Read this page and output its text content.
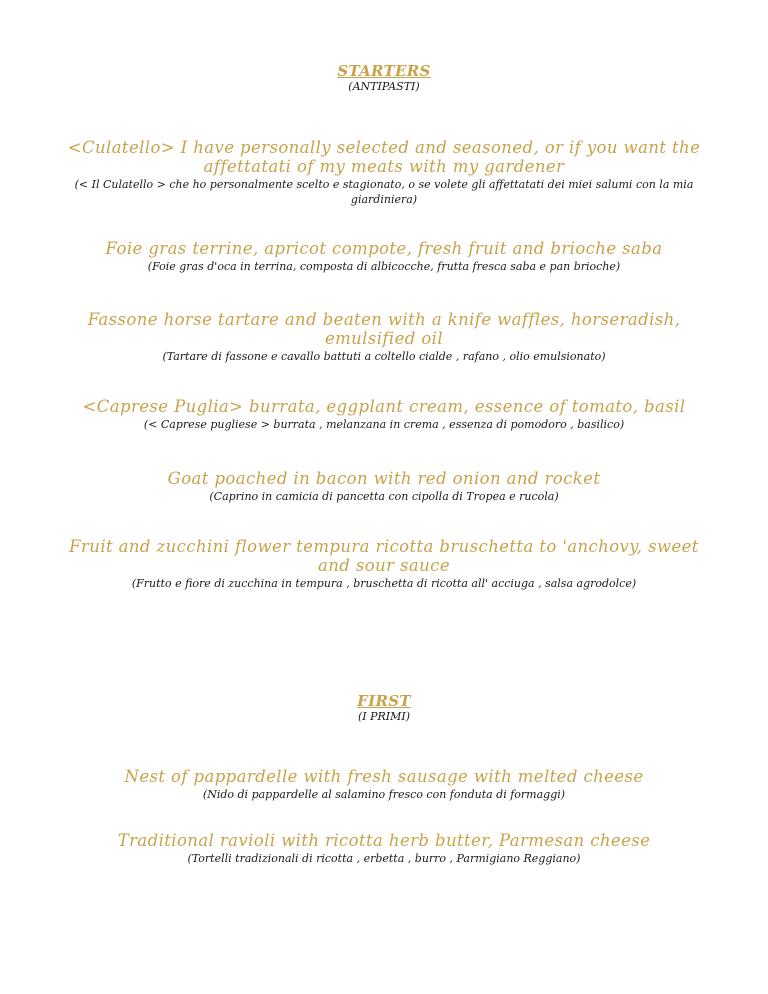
STARTERS
(ANTIPASTI)
<Culatello> I have personally selected and seasoned, or if you want the affettatati of my meats with my gardener
(< Il Culatello > che ho personalmente scelto e stagionato, o se volete gli affettatati dei miei salumi con la mia giardiniera)
Foie gras terrine, apricot compote, fresh fruit and brioche saba
(Foie gras d'oca in terrina, composta di albicocche, frutta fresca saba e pan brioche)
Fassone horse tartare and beaten with a knife waffles, horseradish, emulsified oil
(Tartare di fassone e cavallo battuti a coltello cialde , rafano , olio emulsionato)
<Caprese Puglia> burrata, eggplant cream, essence of tomato, basil
(< Caprese pugliese > burrata , melanzana in crema , essenza di pomodoro , basilico)
Goat poached in bacon with red onion and rocket
(Caprino in camicia di pancetta con cipolla di Tropea e rucola)
Fruit and zucchini flower tempura ricotta bruschetta to 'anchovy, sweet and sour sauce
(Frutto e fiore di zucchina in tempura , bruschetta di ricotta all' acciuga , salsa agrodolce)
FIRST
(I PRIMI)
Nest of pappardelle with fresh sausage with melted cheese
(Nido di pappardelle al salamino fresco con fonduta di formaggi)
Traditional ravioli with ricotta herb butter, Parmesan cheese
(Tortelli tradizionali di ricotta , erbetta , burro , Parmigiano Reggiano)
